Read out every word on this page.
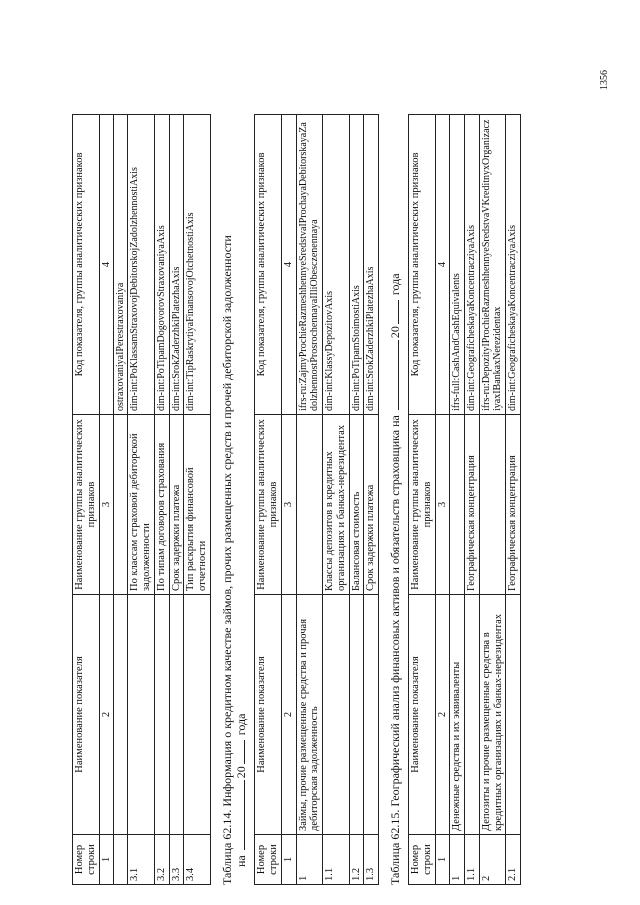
1356
Номер строки	Наименование показателя	Наименование группы аналитических признаков	Код показателя, группы аналитических признаков
1	2	3	4
			ostraxovaniyaIPerestraxovaniya
3.1		По классам страховой дебиторской задолженности	dim-int:PoKlassamStraxovojDebitorskojZadolzhennostiAxis
3.2		По типам договоров страхования	dim-int:PoTipamDogovorovStraxovaniyaAxis
3.3		Срок задержки платежа	dim-int:SrokZaderzhkiPlatezhaAxis
3.4		Тип раскрытия финансовой отчетности	dim-int:TipRaskrytiyaFinansovojOtchetnostiAxis Таблица 62.14. Информация о кредитном качестве займов, прочих размещенных средств и прочей дебиторской задолженности на 20 года
Номер строки	Наименование показателя	Наименование группы аналитических признаков	Код показателя, группы аналитических признаков
1	2	3	4
1	Займы, прочие размещенные средства и прочая дебиторская задолженность		ifrs-ru:ZajmyProchieRazmeshhennyeSredstvaIProchayaDebitorskayaZadolzhennostProsrochennayaIIliObesczenennaya
1.1		Классы депозитов в кредитных организациях и банках-нерезидентах	dim-int:KlassyDepozitovAxis
1.2		Балансовая стоимость	dim-int:PoTipamStoimostiAxis
1.3		Срок задержки платежа	dim-int:SrokZaderzhkiPlatezhaAxis
Таблица 62.15. Географический анализ финансовых активов и обязательств страховщика на 20 года
Номер строки	Наименование показателя	Наименование группы аналитических признаков	Код показателя, группы аналитических признаков
1	2	3	4
1	Денежные средства и их эквиваленты		ifrs-full:CashAndCashEquivalents
1.1		Географическая концентрация	dim-int:GeograficheskayaKoncentracziyaAxis
2	Депозиты и прочие размещенные средства в кредитных организациях и банках-нерезидентах		ifrs-ru:DepozityIProchieRazmeshhennyeSredstvaVKreditnyxOrganizacziyaxIBankaxNerezidentax
2.1		Географическая концентрация	dim-int:GeograficheskayaKoncentracziyaAxis
